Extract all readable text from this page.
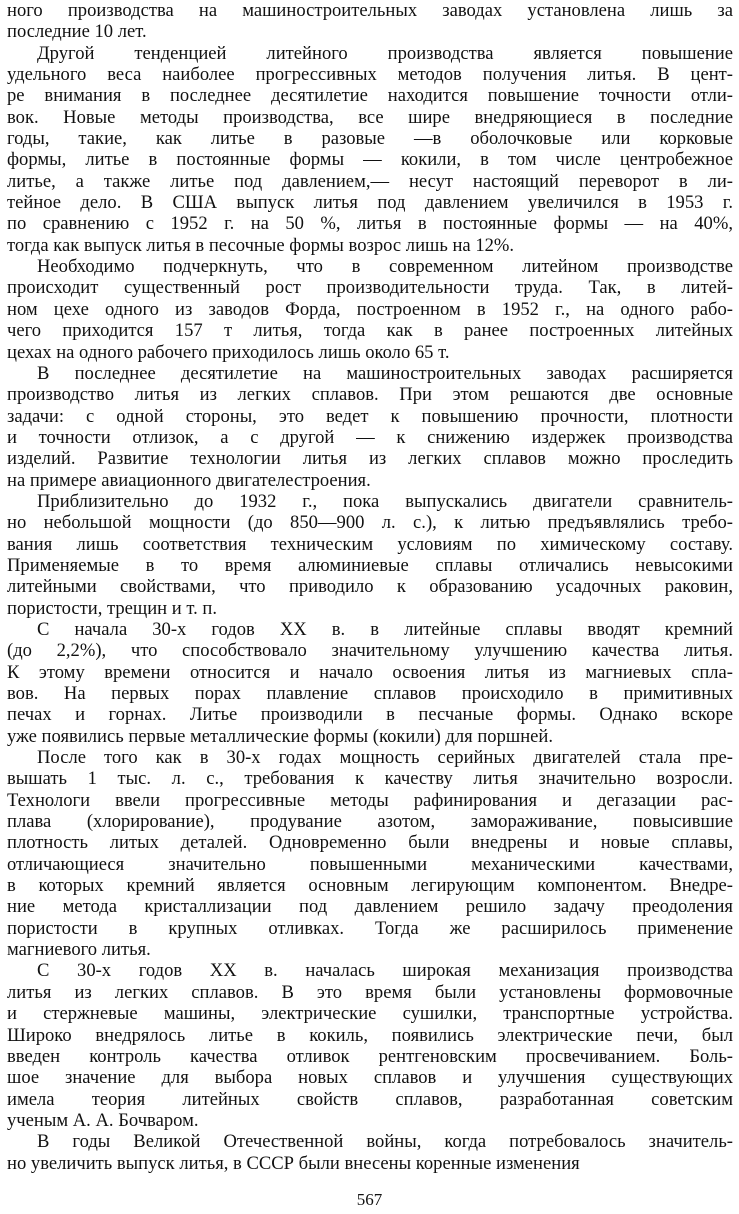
ного производства на машиностроительных заводах установлена лишь за
последние 10 лет.
Другой тенденцией литейного производства является повышение
удельного веса наиболее прогрессивных методов получения литья. В цент-
ре внимания в последнее десятилетие находится повышение точности отли-
вок. Новые методы производства, все шире внедряющиеся в последние
годы, такие, как литье в разовые —в оболочковые или корковые
формы, литье в постоянные формы — кокили, в том числе центробежное
литье, а также литье под давлением,— несут настоящий переворот в ли-
тейное дело. В США выпуск литья под давлением увеличился в 1953 г.
по сравнению с 1952 г. на 50 %, литья в постоянные формы — на 40%,
тогда как выпуск литья в песочные формы возрос лишь на 12%.
Необходимо подчеркнуть, что в современном литейном производстве
происходит существенный рост производительности труда. Так, в литей-
ном цехе одного из заводов Форда, построенном в 1952 г., на одного рабо-
чего приходится 157 т литья, тогда как в ранее построенных литейных
цехах на одного рабочего приходилось лишь около 65 т.
В последнее десятилетие на машиностроительных заводах расширяется
производство литья из легких сплавов. При этом решаются две основные
задачи: с одной стороны, это ведет к повышению прочности, плотности
и точности отлизок, а с другой — к снижению издержек производства
изделий. Развитие технологии литья из легких сплавов можно проследить
на примере авиационного двигателестроения.
Приблизительно до 1932 г., пока выпускались двигатели сравнитель-
но небольшой мощности (до 850—900 л. с.), к литью предъявлялись требо-
вания лишь соответствия техническим условиям по химическому составу.
Применяемые в то время алюминиевые сплавы отличались невысокими
литейными свойствами, что приводило к образованию усадочных раковин,
пористости, трещин и т. п.
С начала 30-х годов XX в. в литейные сплавы вводят кремний
(до 2,2%), что способствовало значительному улучшению качества литья.
К этому времени относится и начало освоения литья из магниевых спла-
вов. На первых порах плавление сплавов происходило в примитивных
печах и горнах. Литье производили в песчаные формы. Однако вскоре
уже появились первые металлические формы (кокили) для поршней.
После того как в 30-х годах мощность серийных двигателей стала пре-
вышать 1 тыс. л. с., требования к качеству литья значительно возросли.
Технологи ввели прогрессивные методы рафинирования и дегазации рас-
плава (хлорирование), продувание азотом, замораживание, повысившие
плотность литых деталей. Одновременно были внедрены и новые сплавы,
отличающиеся значительно повышенными механическими качествами,
в которых кремний является основным легирующим компонентом. Внедре-
ние метода кристаллизации под давлением решило задачу преодоления
пористости в крупных отливках. Тогда же расширилось применение
магниевого литья.
С 30-х годов XX в. началась широкая механизация производства
литья из легких сплавов. В это время были установлены формовочные
и стержневые машины, электрические сушилки, транспортные устройства.
Широко внедрялось литье в кокиль, появились электрические печи, был
введен контроль качества отливок рентгеновским просвечиванием. Боль-
шое значение для выбора новых сплавов и улучшения существующих
имела теория литейных свойств сплавов, разработанная советским
ученым А. А. Бочваром.
В годы Великой Отечественной войны, когда потребовалось значитель-
но увеличить выпуск литья, в СССР были внесены коренные изменения
567
